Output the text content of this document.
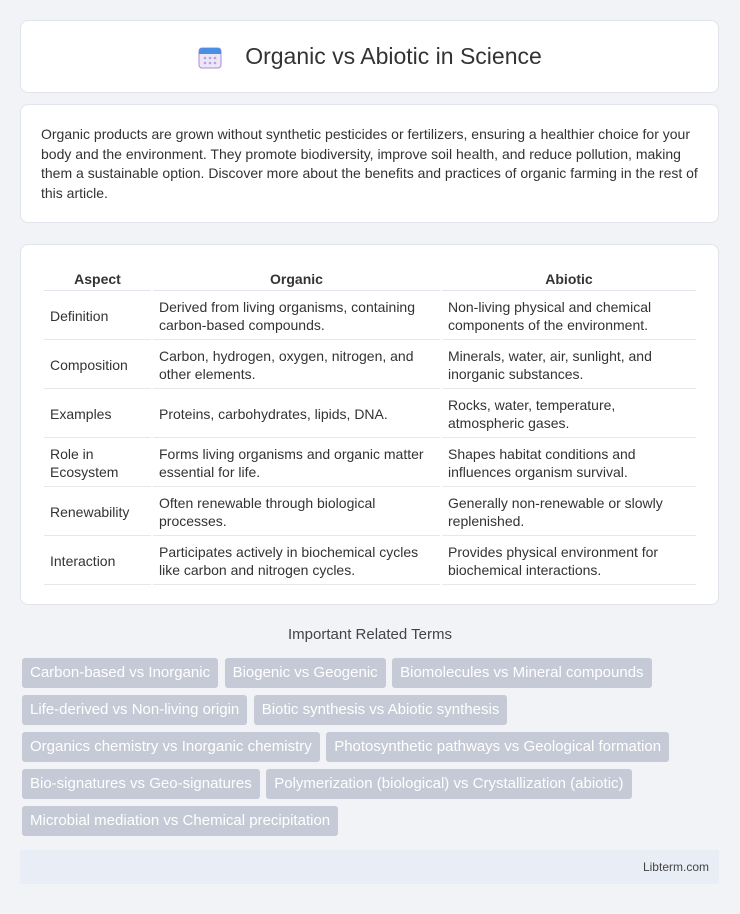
Organic vs Abiotic in Science

Organic products are grown without synthetic pesticides or fertilizers, ensuring a healthier choice for your body and the environment. They promote biodiversity, improve soil health, and reduce pollution, making them a sustainable option. Discover more about the benefits and practices of organic farming in the rest of this article.

Aspect	Organic	Abiotic
Definition	Derived from living organisms, containing carbon-based compounds.	Non-living physical and chemical components of the environment.
Composition	Carbon, hydrogen, oxygen, nitrogen, and other elements.	Minerals, water, air, sunlight, and inorganic substances.
Examples	Proteins, carbohydrates, lipids, DNA.	Rocks, water, temperature, atmospheric gases.
Role in Ecosystem	Forms living organisms and organic matter essential for life.	Shapes habitat conditions and influences organism survival.
Renewability	Often renewable through biological processes.	Generally non-renewable or slowly replenished.
Interaction	Participates actively in biochemical cycles like carbon and nitrogen cycles.	Provides physical environment for biochemical interactions.
Important Related Terms
Carbon-based vs Inorganic Biogenic vs Geogenic Biomolecules vs Mineral compounds Life-derived vs Non-living origin Biotic synthesis vs Abiotic synthesis Organics chemistry vs Inorganic chemistry Photosynthetic pathways vs Geological formation Bio-signatures vs Geo-signatures Polymerization (biological) vs Crystallization (abiotic) Microbial mediation vs Chemical precipitation
Libterm.com
